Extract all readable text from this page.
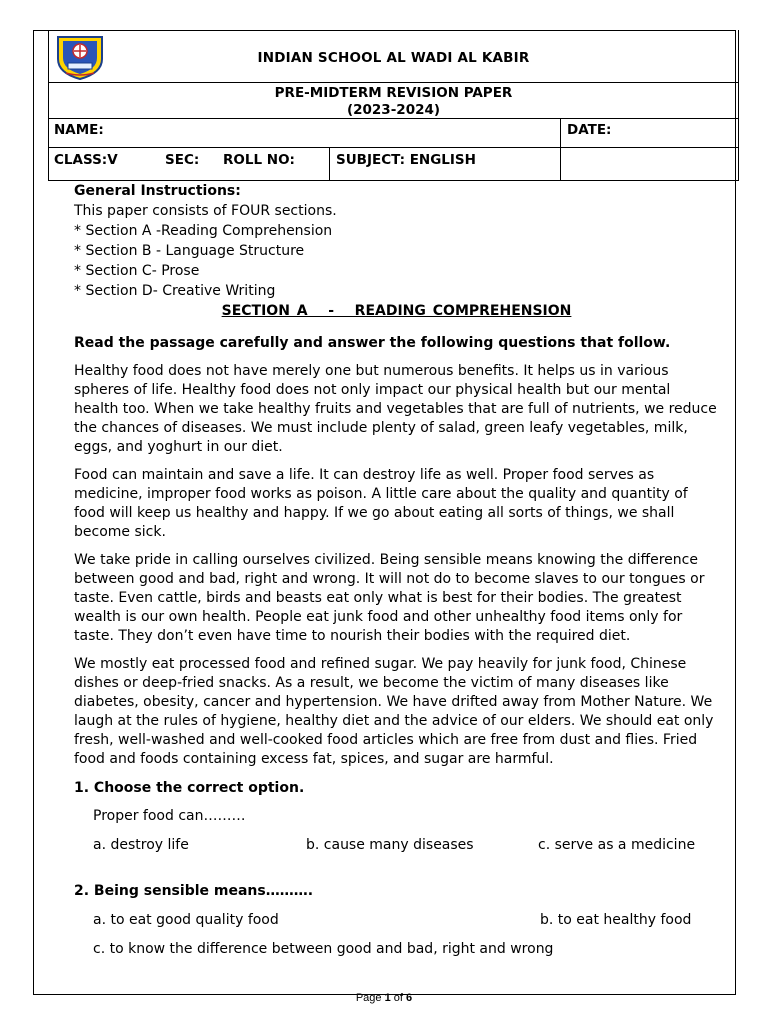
INDIAN SCHOOL AL WADI AL KABIR
PRE-MIDTERM REVISION PAPER
(2023-2024)
NAME:	DATE:
CLASS:V	SEC: ROLL NO:	SUBJECT: ENGLISH

General Instructions:

This paper consists of FOUR sections.

* Section A -Reading Comprehension

* Section B - Language Structure

* Section C- Prose

* Section D- Creative Writing

SECTION A   -   READING COMPREHENSION

Read the passage carefully and answer the following questions that follow.

Healthy food does not have merely one but numerous benefits. It helps us in various spheres of life. Healthy food does not only impact our physical health but our mental health too. When we take healthy fruits and vegetables that are full of nutrients, we reduce the chances of diseases. We must include plenty of salad, green leafy vegetables, milk, eggs, and yoghurt in our diet.

Food can maintain and save a life. It can destroy life as well. Proper food serves as medicine, improper food works as poison. A little care about the quality and quantity of food will keep us healthy and happy. If we go about eating all sorts of things, we shall become sick.

We take pride in calling ourselves civilized. Being sensible means knowing the difference between good and bad, right and wrong. It will not do to become slaves to our tongues or taste. Even cattle, birds and beasts eat only what is best for their bodies. The greatest wealth is our own health. People eat junk food and other unhealthy food items only for taste. They don’t even have time to nourish their bodies with the required diet.

We mostly eat processed food and refined sugar. We pay heavily for junk food, Chinese dishes or deep-fried snacks. As a result, we become the victim of many diseases like diabetes, obesity, cancer and hypertension. We have drifted away from Mother Nature. We laugh at the rules of hygiene, healthy diet and the advice of our elders. We should eat only fresh, well-washed and well-cooked food articles which are free from dust and flies. Fried food and foods containing excess fat, spices, and sugar are harmful.

1. Choose the correct option.

Proper food can………

a. destroy life	b. cause many diseases	c. serve as a medicine

2. Being sensible means……….

a. to eat good quality food	b. to eat healthy food
c. to know the difference between good and bad, right and wrong
Page 1 of 6
